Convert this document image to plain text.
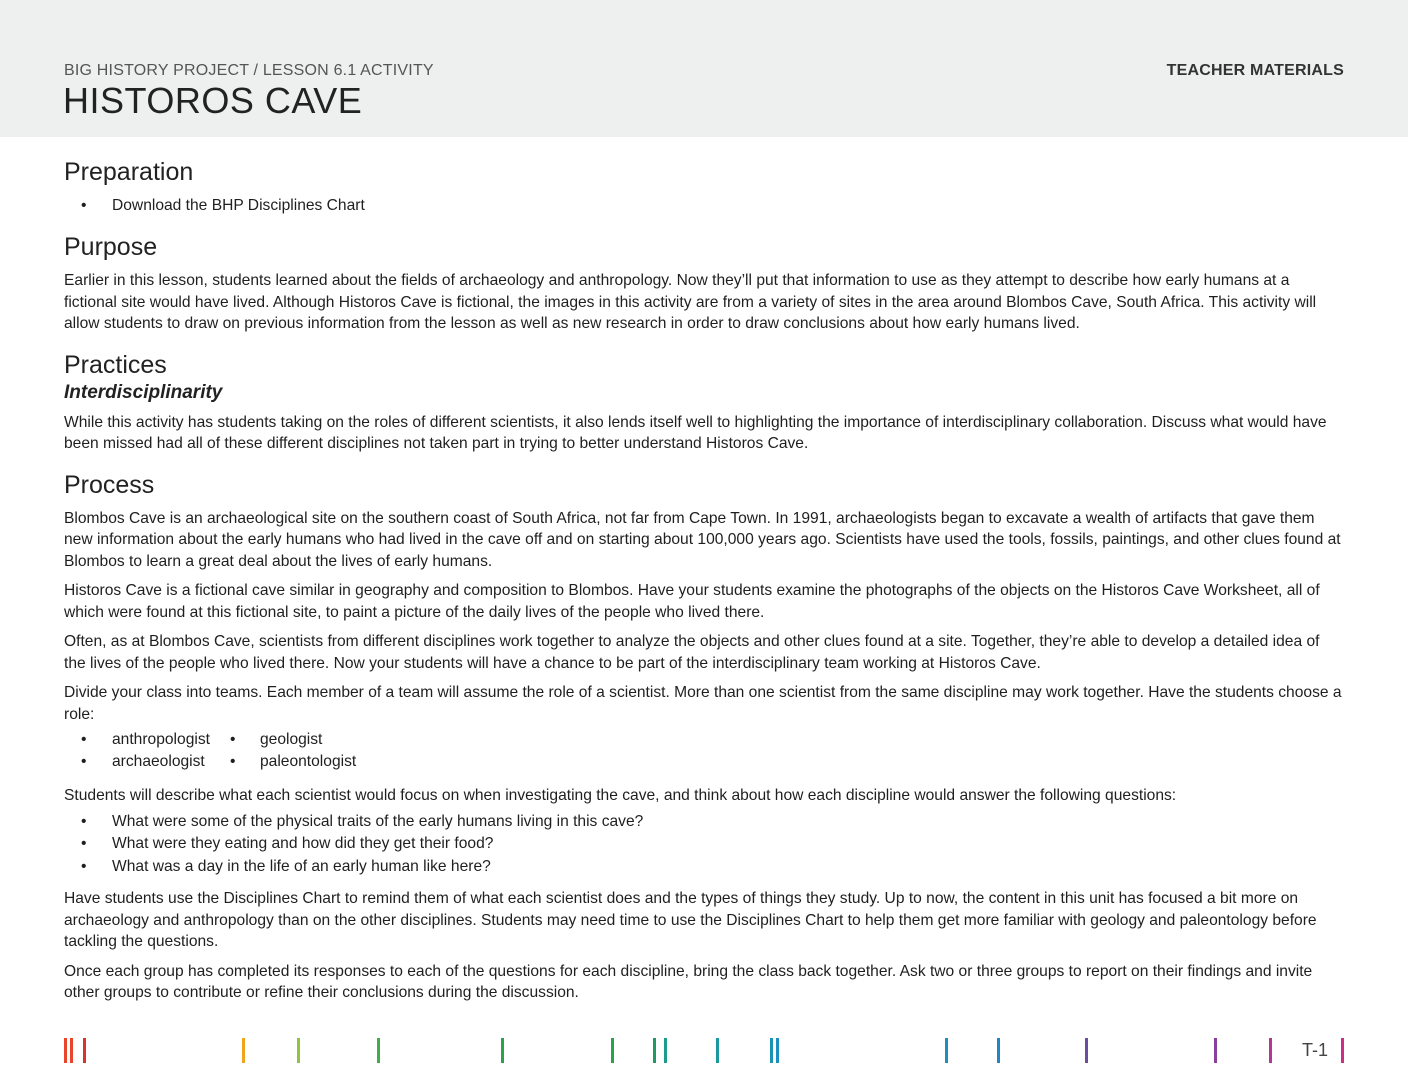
BIG HISTORY PROJECT / LESSON 6.1 ACTIVITY
HISTOROS CAVE
TEACHER MATERIALS
Preparation
• Download the BHP Disciplines Chart
Purpose

Earlier in this lesson, students learned about the fields of archaeology and anthropology. Now they’ll put that information to use as they attempt to describe how early humans at a fictional site would have lived. Although Historos Cave is fictional, the images in this activity are from a variety of sites in the area around Blombos Cave, South Africa. This activity will allow students to draw on previous information from the lesson as well as new research in order to draw conclusions about how early humans lived.

Practices
Interdisciplinarity

While this activity has students taking on the roles of different scientists, it also lends itself well to highlighting the importance of interdisciplinary collaboration. Discuss what would have been missed had all of these different disciplines not taken part in trying to better understand Historos Cave.

Process

Blombos Cave is an archaeological site on the southern coast of South Africa, not far from Cape Town. In 1991, archaeologists began to excavate a wealth of artifacts that gave them new information about the early humans who had lived in the cave off and on starting about 100,000 years ago. Scientists have used the tools, fossils, paintings, and other clues found at Blombos to learn a great deal about the lives of early humans.

Historos Cave is a fictional cave similar in geography and composition to Blombos. Have your students examine the photographs of the objects on the Historos Cave Worksheet, all of which were found at this fictional site, to paint a picture of the daily lives of the people who lived there.

Often, as at Blombos Cave, scientists from different disciplines work together to analyze the objects and other clues found at a site. Together, they’re able to develop a detailed idea of the lives of the people who lived there. Now your students will have a chance to be part of the interdisciplinary team working at Historos Cave.

Divide your class into teams. Each member of a team will assume the role of a scientist. More than one scientist from the same discipline may work together. Have the students choose a role:

• anthropologist
• archaeologist
• geologist
• paleontologist

Students will describe what each scientist would focus on when investigating the cave, and think about how each discipline would answer the following questions:

• What were some of the physical traits of the early humans living in this cave?
• What were they eating and how did they get their food?
• What was a day in the life of an early human like here?

Have students use the Disciplines Chart to remind them of what each scientist does and the types of things they study. Up to now, the content in this unit has focused a bit more on archaeology and anthropology than on the other disciplines. Students may need time to use the Disciplines Chart to help them get more familiar with geology and paleontology before tackling the questions.

Once each group has completed its responses to each of the questions for each discipline, bring the class back together. Ask two or three groups to report on their findings and invite other groups to contribute or refine their conclusions during the discussion.

T-1
